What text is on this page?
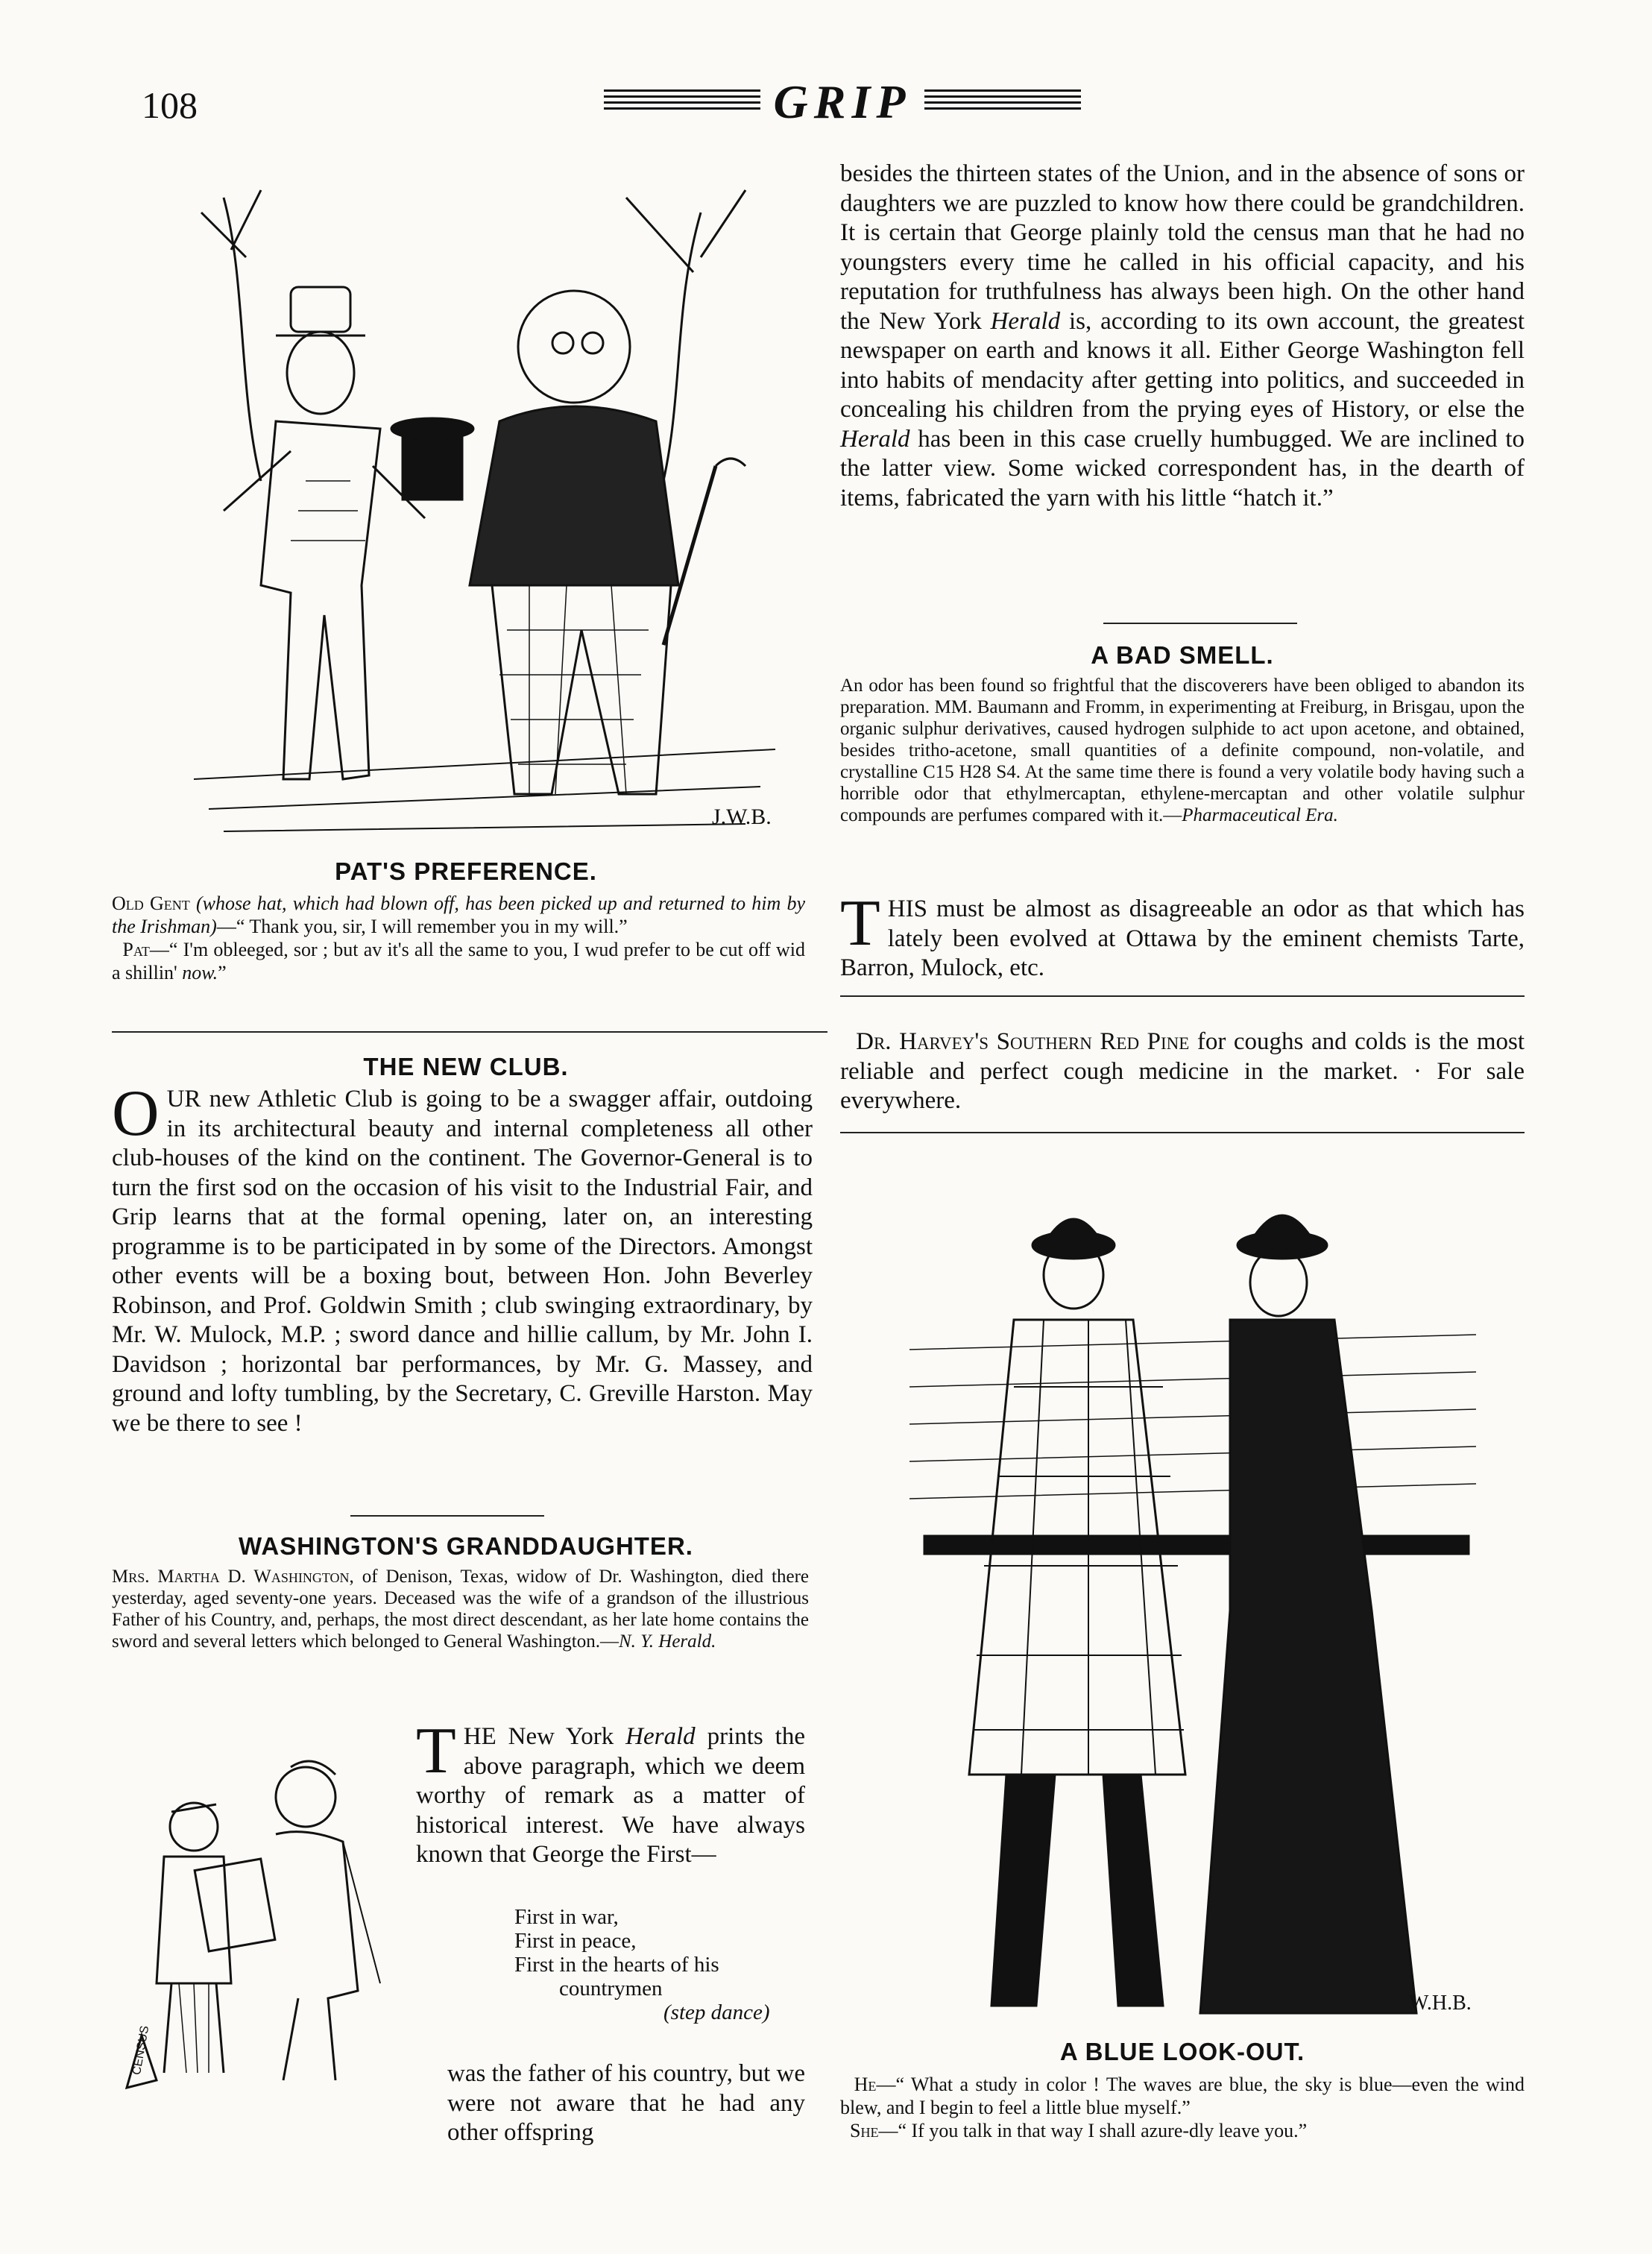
108	GRIP
J.W.B.
PAT'S PREFERENCE.
Old Gent (whose hat, which had blown off, has been picked up and returned to him by the Irishman)—“ Thank you, sir, I will remember you in my will.”
Pat—“ I'm obleeged, sor ; but av it's all the same to you, I wud prefer to be cut off wid a shillin' now.”
THE NEW CLUB.

OUR new Athletic Club is going to be a swagger affair, outdoing in its architectural beauty and internal completeness all other club-houses of the kind on the continent. The Governor-General is to turn the first sod on the occasion of his visit to the Industrial Fair, and Grip learns that at the formal opening, later on, an interesting programme is to be participated in by some of the Directors. Amongst other events will be a boxing bout, between Hon. John Beverley Robinson, and Prof. Goldwin Smith ; club swinging extraordinary, by Mr. W. Mulock, M.P. ; sword dance and hillie callum, by Mr. John I. Davidson ; horizontal bar performances, by Mr. G. Massey, and ground and lofty tumbling, by the Secretary, C. Greville Harston. May we be there to see !

WASHINGTON'S GRANDDAUGHTER.
Mrs. Martha D. Washington, of Denison, Texas, widow of Dr. Washington, died there yesterday, aged seventy-one years. Deceased was the wife of a grandson of the illustrious Father of his Country, and, perhaps, the most direct descendant, as her late home contains the sword and several letters which belonged to General Washington.—N. Y. Herald.
CENSUS

THE New York Herald prints the above paragraph, which we deem worthy of remark as a matter of historical interest. We have always known that George the First—

First in war,
First in peace,
First in the hearts of his
countrymen
(step dance)
was the father of his country, but we were not aware that he had any other offspring

besides the thirteen states of the Union, and in the absence of sons or daughters we are puzzled to know how there could be grandchildren. It is certain that George plainly told the census man that he had no youngsters every time he called in his official capacity, and his reputation for truthfulness has always been high. On the other hand the New York Herald is, according to its own account, the greatest newspaper on earth and knows it all. Either George Washington fell into habits of mendacity after getting into politics, and succeeded in concealing his children from the prying eyes of History, or else the Herald has been in this case cruelly humbugged. We are inclined to the latter view. Some wicked correspondent has, in the dearth of items, fabricated the yarn with his little “hatch it.”

A BAD SMELL.
An odor has been found so frightful that the discoverers have been obliged to abandon its preparation. MM. Baumann and Fromm, in experimenting at Freiburg, in Brisgau, upon the organic sulphur derivatives, caused hydrogen sulphide to act upon acetone, and obtained, besides tritho-acetone, small quantities of a definite compound, non-volatile, and crystalline C15 H28 S4. At the same time there is found a very volatile body having such a horrible odor that ethylmercaptan, ethylene-mercaptan and other volatile sulphur compounds are perfumes compared with it.—Pharmaceutical Era.

THIS must be almost as disagreeable an odor as that which has lately been evolved at Ottawa by the eminent chemists Tarte, Barron, Mulock, etc.

Dr. Harvey's Southern Red Pine for coughs and colds is the most reliable and perfect cough medicine in the market. · For sale everywhere.

W.H.B.
A BLUE LOOK-OUT.
He—“ What a study in color ! The waves are blue, the sky is blue—even the wind blew, and I begin to feel a little blue myself.”
She—“ If you talk in that way I shall azure-dly leave you.”
